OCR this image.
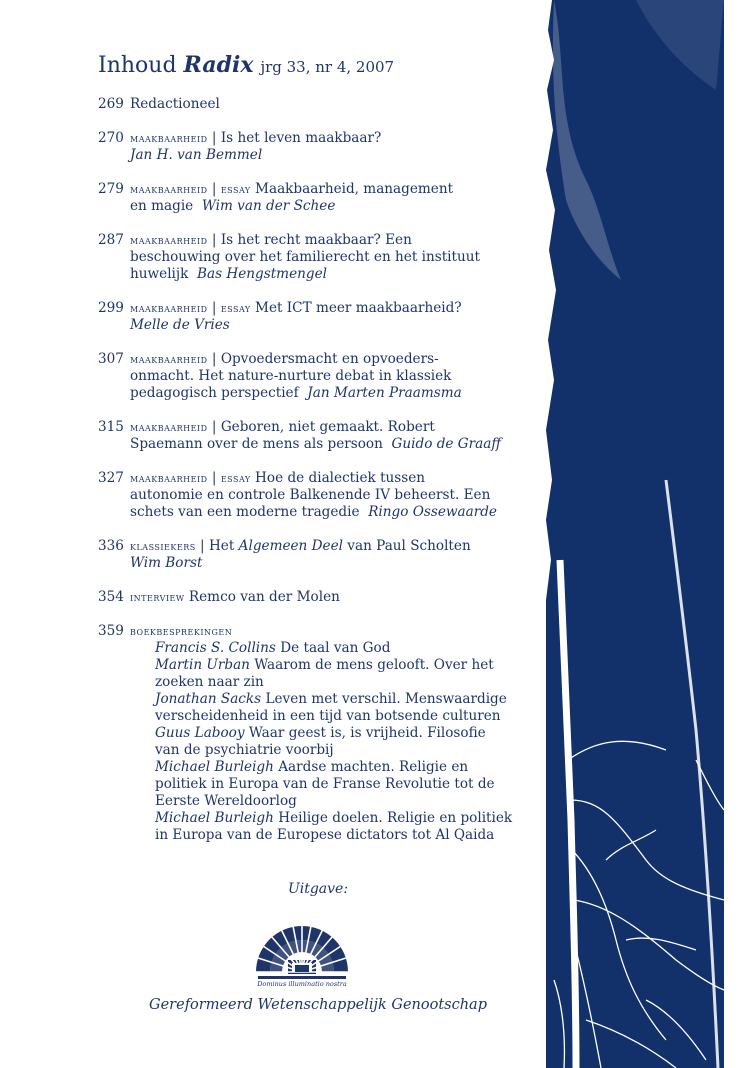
Inhoud Radix jrg 33, nr 4, 2007
269 Redactioneel
270 maakbaarheid | Is het leven maakbaar?
Jan H. van Bemmel
279 maakbaarheid | essay Maakbaarheid, management
en magie Wim van der Schee
287 maakbaarheid | Is het recht maakbaar? Een
beschouwing over het familierecht en het instituut
huwelijk Bas Hengstmengel
299 maakbaarheid | essay Met ICT meer maakbaarheid?
Melle de Vries
307 maakbaarheid | Opvoedersmacht en opvoeders-
onmacht. Het nature-nurture debat in klassiek
pedagogisch perspectief Jan Marten Praamsma
315 maakbaarheid | Geboren, niet gemaakt. Robert
Spaemann over de mens als persoon Guido de Graaff
327 maakbaarheid | essay Hoe de dialectiek tussen
autonomie en controle Balkenende IV beheerst. Een
schets van een moderne tragedie Ringo Ossewaarde
336 klassiekers | Het Algemeen Deel van Paul Scholten
Wim Borst
354 interview Remco van der Molen
359 boekbesprekingen
Francis S. Collins De taal van God
Martin Urban Waarom de mens gelooft. Over het
zoeken naar zin
Jonathan Sacks Leven met verschil. Menswaardige
verscheidenheid in een tijd van botsende culturen
Guus Labooy Waar geest is, is vrijheid. Filosofie
van de psychiatrie voorbij
Michael Burleigh Aardse machten. Religie en
politiek in Europa van de Franse Revolutie tot de
Eerste Wereldoorlog
Michael Burleigh Heilige doelen. Religie en politiek
in Europa van de Europese dictators tot Al Qaida
Uitgave:
Dominus illuminatio nostra
Gereformeerd Wetenschappelijk Genootschap
